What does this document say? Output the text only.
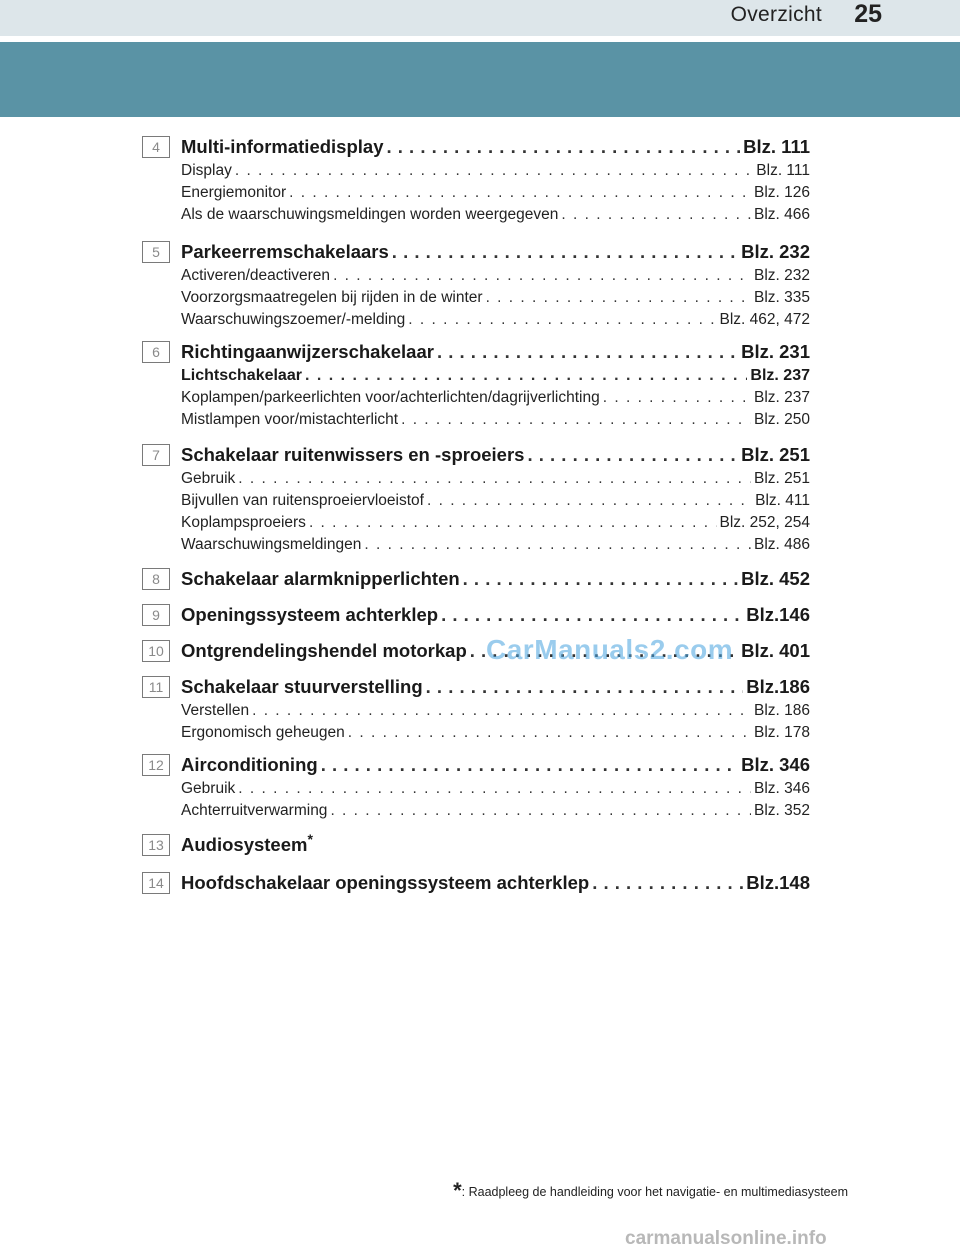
Overzicht 25
4	Multi-informatiedisplay . . .	Blz. 111
Display . . .	Blz. 111
Energiemonitor . . .	Blz. 126
Als de waarschuwingsmeldingen worden weergegeven . . .	Blz. 466
5	Parkeerremschakelaars . . .	Blz. 232
Activeren/deactiveren . . .	Blz. 232
Voorzorgsmaatregelen bij rijden in de winter . . .	Blz. 335
Waarschuwingszoemer/-melding . . .	Blz. 462, 472
6	Richtingaanwijzerschakelaar . . .	Blz. 231
Lichtschakelaar . . .	Blz. 237
Koplampen/parkeerlichten voor/achterlichten/dagrijverlichting . . .	Blz. 237
Mistlampen voor/mistachterlicht . . .	Blz. 250
7	Schakelaar ruitenwissers en -sproeiers . . .	Blz. 251
Gebruik . . .	Blz. 251
Bijvullen van ruitensproeiervloeistof . . .	Blz. 411
Koplampsproeiers . . .	Blz. 252, 254
Waarschuwingsmeldingen . . .	Blz. 486
8	Schakelaar alarmknipperlichten . . .	Blz. 452
9	Openingssysteem achterklep . . .	Blz.146
10 Ontgrendelingshendel motorkap . . .	Blz. 401
11 Schakelaar stuurverstelling . . .	Blz.186
Verstellen . . .	Blz. 186
Ergonomisch geheugen . . .	Blz. 178
12 Airconditioning . . .	Blz. 346
Gebruik . . .	Blz. 346
Achterruitverwarming . . .	Blz. 352
13 Audiosysteem*
14 Hoofdschakelaar openingssysteem achterklep . . .	Blz.148
CarManuals2.com
*: Raadpleeg de handleiding voor het navigatie- en multimediasysteem
carmanualsonline.info
